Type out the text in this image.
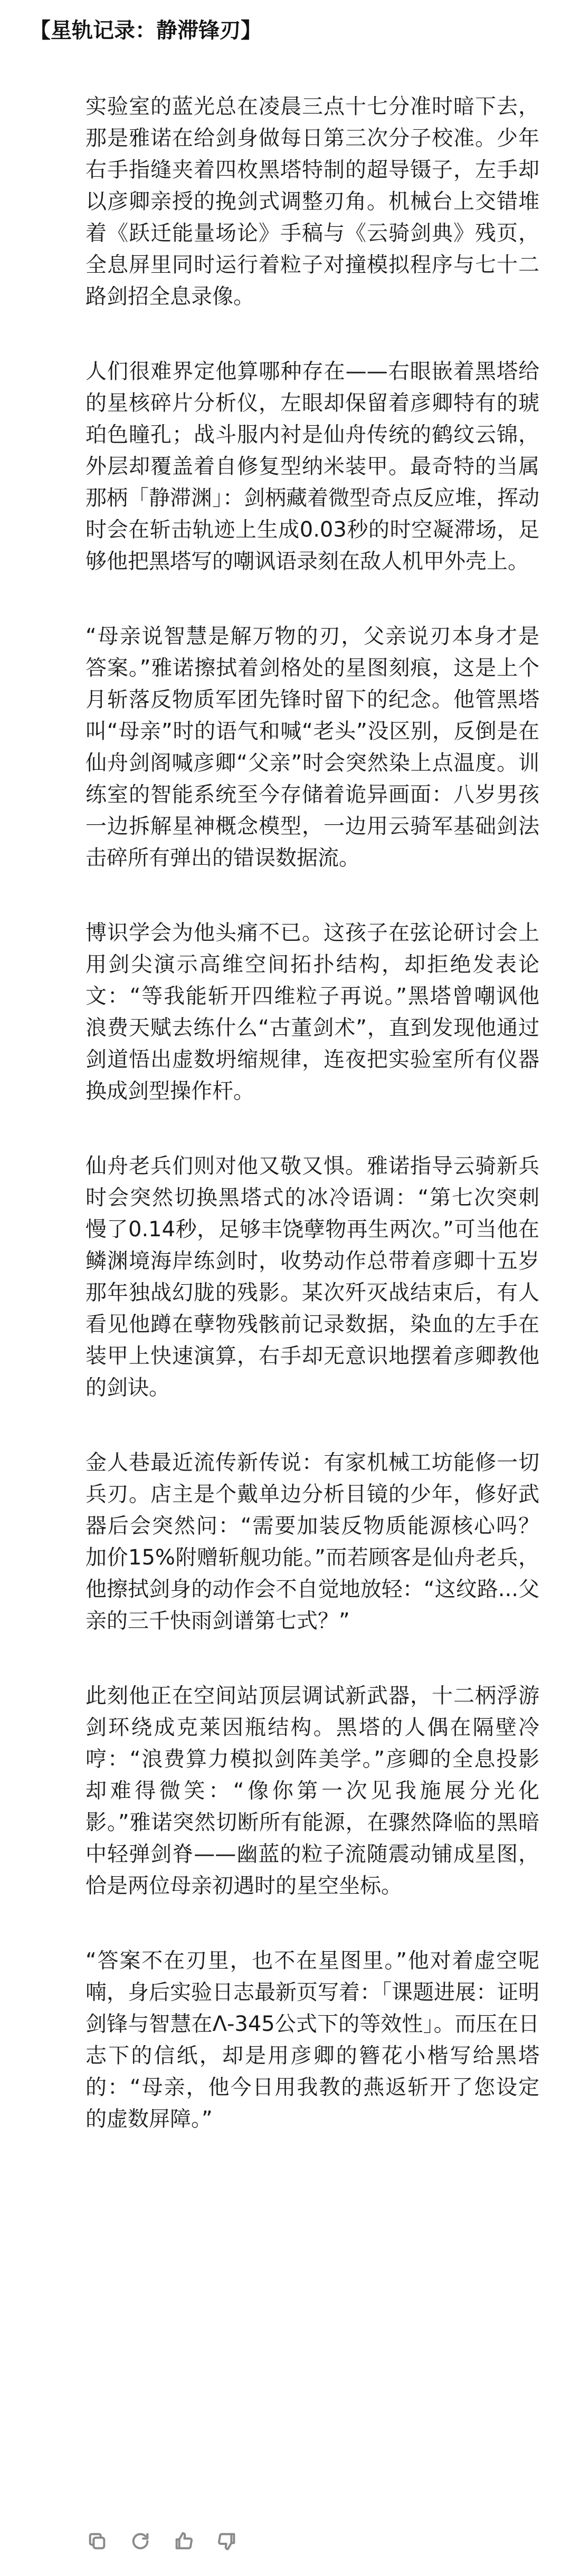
【星轨记录：静滞锋刃】

实验室的蓝光总在凌晨三点十七分准时暗下去，那是雅诺在给剑身做每日第三次分子校准。少年右手指缝夹着四枚黑塔特制的超导镊子，左手却以彦卿亲授的挽剑式调整刃角。机械台上交错堆着《跃迁能量场论》手稿与《云骑剑典》残页，全息屏里同时运行着粒子对撞模拟程序与七十二路剑招全息录像。

人们很难界定他算哪种存在——右眼嵌着黑塔给的星核碎片分析仪，左眼却保留着彦卿特有的琥珀色瞳孔；战斗服内衬是仙舟传统的鹤纹云锦，外层却覆盖着自修复型纳米装甲。最奇特的当属那柄「静滞渊」：剑柄藏着微型奇点反应堆，挥动时会在斩击轨迹上生成0.03秒的时空凝滞场，足够他把黑塔写的嘲讽语录刻在敌人机甲外壳上。

“母亲说智慧是解万物的刃，父亲说刃本身才是答案。”雅诺擦拭着剑格处的星图刻痕，这是上个月斩落反物质军团先锋时留下的纪念。他管黑塔叫“母亲”时的语气和喊“老头”没区别，反倒是在仙舟剑阁喊彦卿“父亲”时会突然染上点温度。训练室的智能系统至今存储着诡异画面：八岁男孩一边拆解星神概念模型，一边用云骑军基础剑法击碎所有弹出的错误数据流。

博识学会为他头痛不已。这孩子在弦论研讨会上用剑尖演示高维空间拓扑结构，却拒绝发表论文：“等我能斩开四维粒子再说。”黑塔曾嘲讽他浪费天赋去练什么“古董剑术”，直到发现他通过剑道悟出虚数坍缩规律，连夜把实验室所有仪器换成剑型操作杆。

仙舟老兵们则对他又敬又惧。雅诺指导云骑新兵时会突然切换黑塔式的冰冷语调：“第七次突刺慢了0.14秒，足够丰饶孽物再生两次。”可当他在鳞渊境海岸练剑时，收势动作总带着彦卿十五岁那年独战幻胧的残影。某次歼灭战结束后，有人看见他蹲在孽物残骸前记录数据，染血的左手在装甲上快速演算，右手却无意识地摆着彦卿教他的剑诀。

金人巷最近流传新传说：有家机械工坊能修一切兵刃。店主是个戴单边分析目镜的少年，修好武器后会突然问：“需要加装反物质能源核心吗？加价15%附赠斩舰功能。”而若顾客是仙舟老兵，他擦拭剑身的动作会不自觉地放轻：“这纹路...父亲的三千快雨剑谱第七式？”

此刻他正在空间站顶层调试新武器，十二柄浮游剑环绕成克莱因瓶结构。黑塔的人偶在隔壁冷哼：“浪费算力模拟剑阵美学。”彦卿的全息投影却难得微笑：“像你第一次见我施展分光化影。”雅诺突然切断所有能源，在骤然降临的黑暗中轻弹剑脊——幽蓝的粒子流随震动铺成星图，恰是两位母亲初遇时的星空坐标。

“答案不在刃里，也不在星图里。”他对着虚空呢喃，身后实验日志最新页写着：「课题进展：证明剑锋与智慧在Λ-345公式下的等效性」。而压在日志下的信纸，却是用彦卿的簪花小楷写给黑塔的：“母亲，他今日用我教的燕返斩开了您设定的虚数屏障。”
